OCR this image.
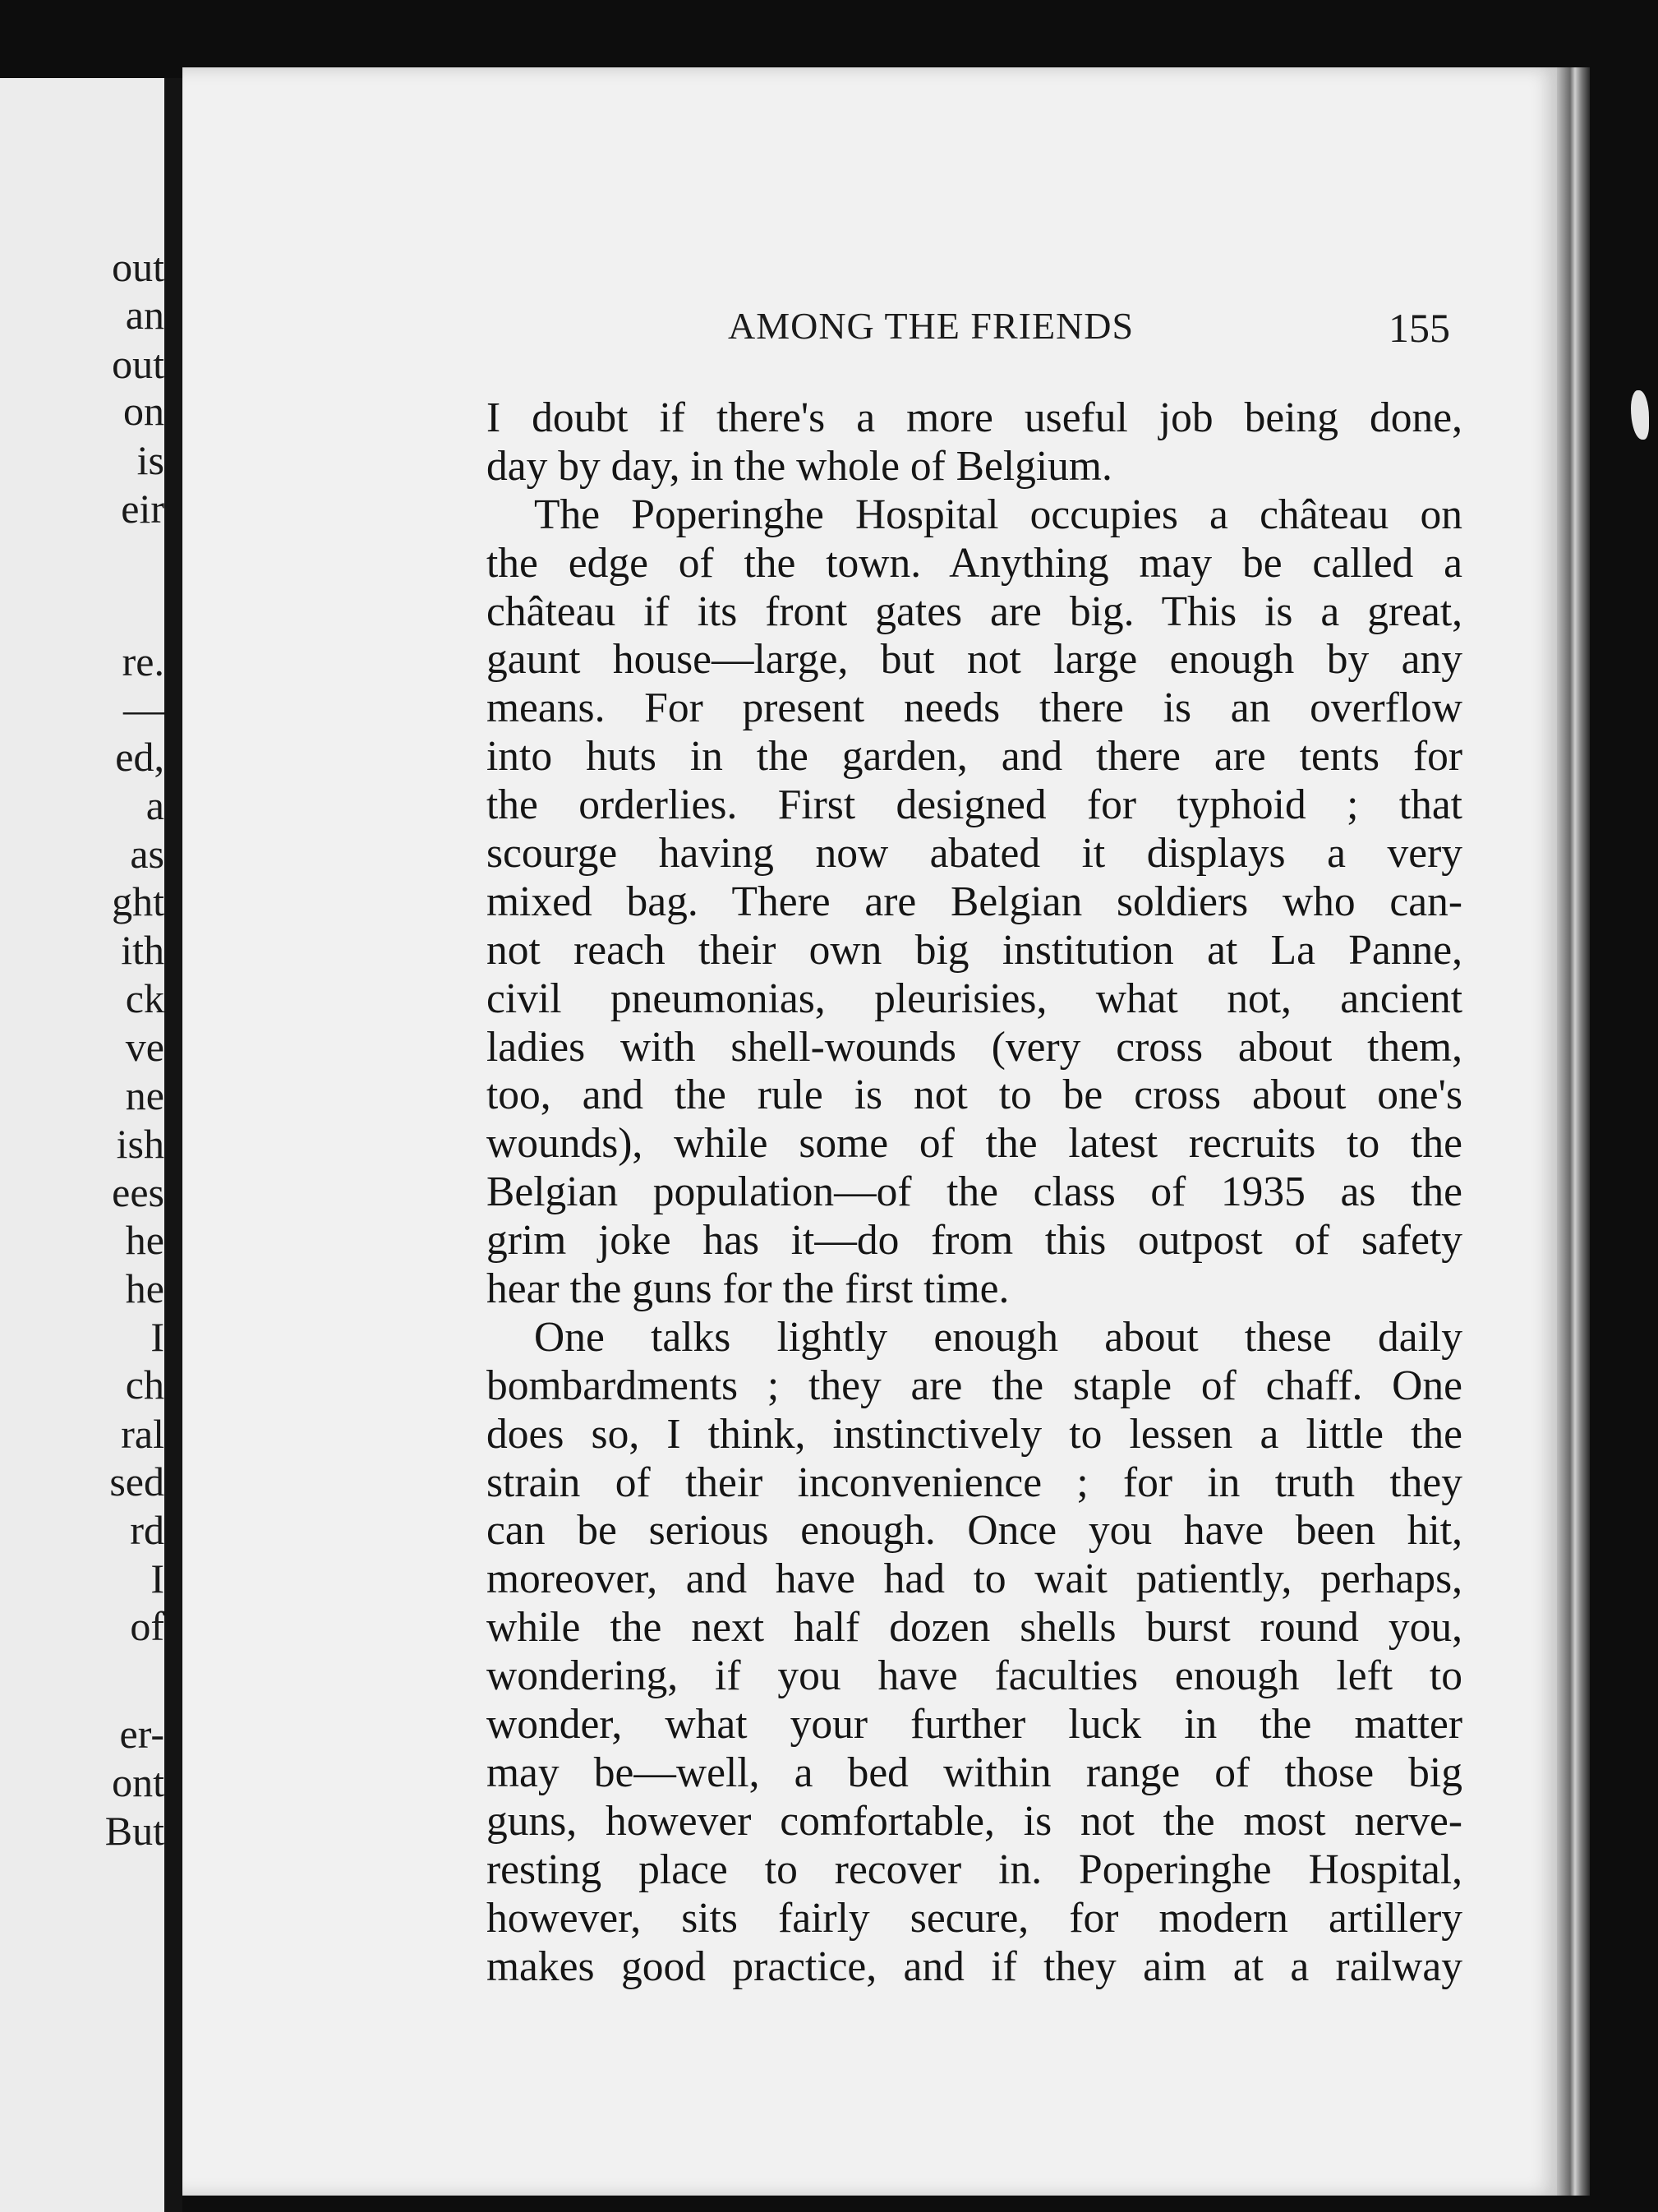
out
an
out
on
is
eir
re.
—
ed,
a
as
ght
ith
ck
ve
ne
ish
ees
he
he
I
ch
ral
sed
rd
I
of
er-
ont
But
AMONG THE FRIENDS	155
I doubt if there's a more useful job being done,
day by day, in the whole of Belgium.
The Poperinghe Hospital occupies a château on
the edge of the town. Anything may be called a
château if its front gates are big. This is a great,
gaunt house—large, but not large enough by any
means. For present needs there is an overflow
into huts in the garden, and there are tents for
the orderlies. First designed for typhoid ; that
scourge having now abated it displays a very
mixed bag. There are Belgian soldiers who can-
not reach their own big institution at La Panne,
civil pneumonias, pleurisies, what not, ancient
ladies with shell-wounds (very cross about them,
too, and the rule is not to be cross about one's
wounds), while some of the latest recruits to the
Belgian population—of the class of 1935 as the
grim joke has it—do from this outpost of safety
hear the guns for the first time.
One talks lightly enough about these daily
bombardments ; they are the staple of chaff. One
does so, I think, instinctively to lessen a little the
strain of their inconvenience ; for in truth they
can be serious enough. Once you have been hit,
moreover, and have had to wait patiently, perhaps,
while the next half dozen shells burst round you,
wondering, if you have faculties enough left to
wonder, what your further luck in the matter
may be—well, a bed within range of those big
guns, however comfortable, is not the most nerve-
resting place to recover in. Poperinghe Hospital,
however, sits fairly secure, for modern artillery
makes good practice, and if they aim at a railway
